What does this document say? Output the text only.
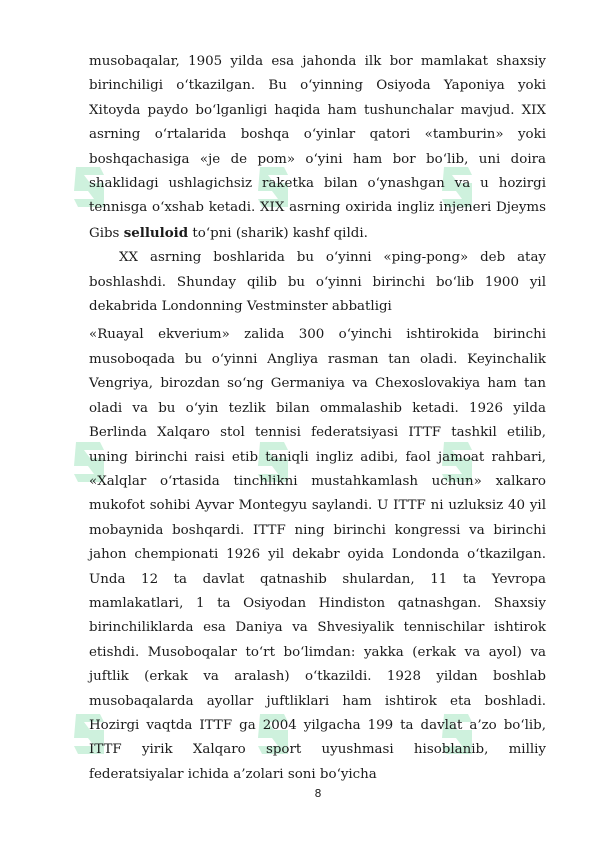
musobaqalar, 1905 yilda esa jahonda ilk bor mamlakat shaxsiy birinchiligi o‘tkazilgan. Bu o‘yinning Osiyoda Yaponiya yoki Xitoyda paydo bo‘lganligi haqida ham tushunchalar mavjud. XIX asrning o‘rtalarida boshqa o‘yinlar qatori «tamburin» yoki boshqachasiga «je de pom» o‘yini ham bor bo‘lib, uni doira shaklidagi ushlagichsiz raketka bilan o‘ynashgan va u hozirgi tennisga o‘xshab ketadi. XIX asrning oxirida ingliz injeneri Djeyms Gibs selluloid to‘pni (sharik) kashf qildi.

XX asrning boshlarida bu o‘yinni «ping-pong» deb atay boshlashdi. Shunday qilib bu o‘yinni birinchi bo‘lib 1900 yil dekabrida Londonning Vestminster abbatligi

«Ruayal ekverium» zalida 300 o‘yinchi ishtirokida birinchi musoboqada bu o‘yinni Angliya rasman tan oladi. Keyinchalik Vengriya, birozdan so‘ng Germaniya va Chexoslovakiya ham tan oladi va bu o‘yin tezlik bilan ommalashib ketadi. 1926 yilda Berlinda Xalqaro stol tennisi federatsiyasi ITTF tashkil etilib, uning birinchi raisi etib taniqli ingliz adibi, faol jamoat rahbari, «Xalqlar o‘rtasida tinchlikni mustahkamlash uchun» xalkaro mukofot sohibi Ayvar Montegyu saylandi. U ITTF ni uzluksiz 40 yil mobaynida boshqardi. ITTF ning birinchi kongressi va birinchi jahon chempionati 1926 yil dekabr oyida Londonda o‘tkazilgan. Unda 12 ta davlat qatnashib shulardan, 11 ta Yevropa mamlakatlari, 1 ta Osiyodan Hindiston qatnashgan. Shaxsiy birinchiliklarda esa Daniya va Shvesiyalik tennischilar ishtirok etishdi. Musoboqalar to‘rt bo‘limdan: yakka (erkak va ayol) va juftlik (erkak va aralash) o‘tkazildi. 1928 yildan boshlab musobaqalarda ayollar juftliklari ham ishtirok eta boshladi. Hozirgi vaqtda ITTF ga 2004 yilgacha 199 ta davlat a’zo bo‘lib, ITTF yirik Xalqaro sport uyushmasi hisoblanib, milliy federatsiyalar ichida a’zolari soni bo‘yicha

8
